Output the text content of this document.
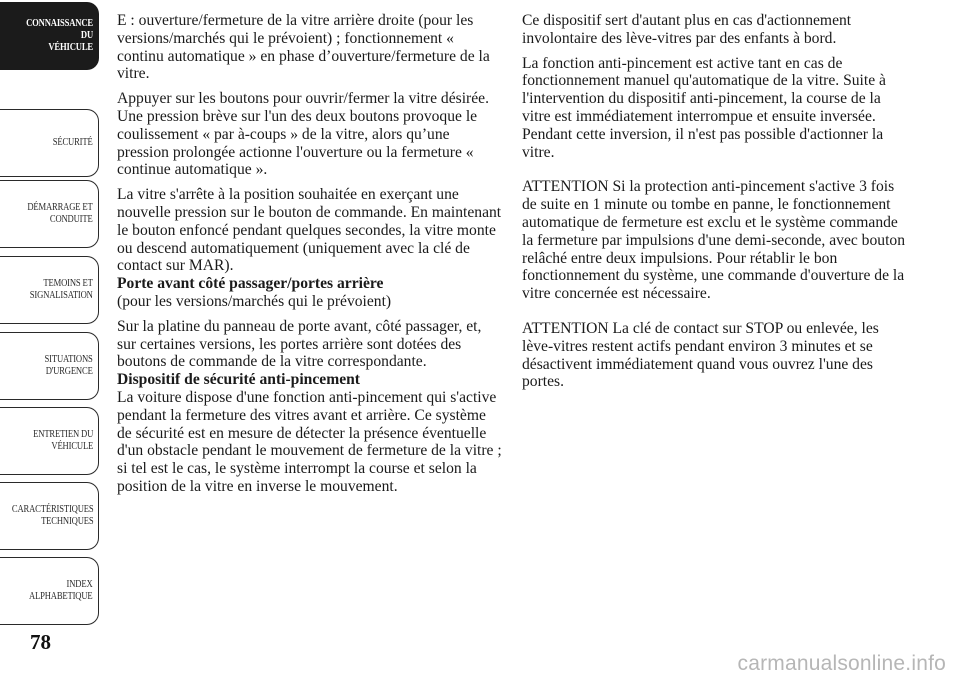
CONNAISSANCE DU
VÉHICULE
SÉCURITÉ
DÉMARRAGE ET
CONDUITE
TEMOINS ET
SIGNALISATION
SITUATIONS
D'URGENCE
ENTRETIEN DU
VÉHICULE
CARACTÉRISTIQUES
TECHNIQUES
INDEX
ALPHABETIQUE
78

E : ouverture/fermeture de la vitre arrière droite (pour les versions/marchés qui le prévoient) ; fonctionnement « continu automatique » en phase d’ouverture/fermeture de la vitre.

Appuyer sur les boutons pour ouvrir/fermer la vitre désirée. Une pression brève sur l'un des deux boutons provoque le coulissement « par à-coups » de la vitre, alors qu’une pression prolongée actionne l'ouverture ou la fermeture « continue automatique ».

La vitre s'arrête à la position souhaitée en exerçant une nouvelle pression sur le bouton de commande. En maintenant le bouton enfoncé pendant quelques secondes, la vitre monte ou descend automatiquement (uniquement avec la clé de contact sur MAR).

Porte avant côté passager/portes arrière

(pour les versions/marchés qui le prévoient)

Sur la platine du panneau de porte avant, côté passager, et, sur certaines versions, les portes arrière sont dotées des boutons de commande de la vitre correspondante.

Dispositif de sécurité anti-pincement

La voiture dispose d'une fonction anti-pincement qui s'active pendant la fermeture des vitres avant et arrière. Ce système de sécurité est en mesure de détecter la présence éventuelle d'un obstacle pendant le mouvement de fermeture de la vitre ; si tel est le cas, le système interrompt la course et selon la position de la vitre en inverse le mouvement.

Ce dispositif sert d'autant plus en cas d'actionnement involontaire des lève-vitres par des enfants à bord.

La fonction anti-pincement est active tant en cas de fonctionnement manuel qu'automatique de la vitre. Suite à l'intervention du dispositif anti-pincement, la course de la vitre est immédiatement interrompue et ensuite inversée. Pendant cette inversion, il n'est pas possible d'actionner la vitre.

ATTENTION Si la protection anti-pincement s'active 3 fois de suite en 1 minute ou tombe en panne, le fonctionnement automatique de fermeture est exclu et le système commande la fermeture par impulsions d'une demi-seconde, avec bouton relâché entre deux impulsions. Pour rétablir le bon fonctionnement du système, une commande d'ouverture de la vitre concernée est nécessaire.

ATTENTION La clé de contact sur STOP ou enlevée, les lève-vitres restent actifs pendant environ 3 minutes et se désactivent immédiatement quand vous ouvrez l'une des portes.

carmanualsonline.info
